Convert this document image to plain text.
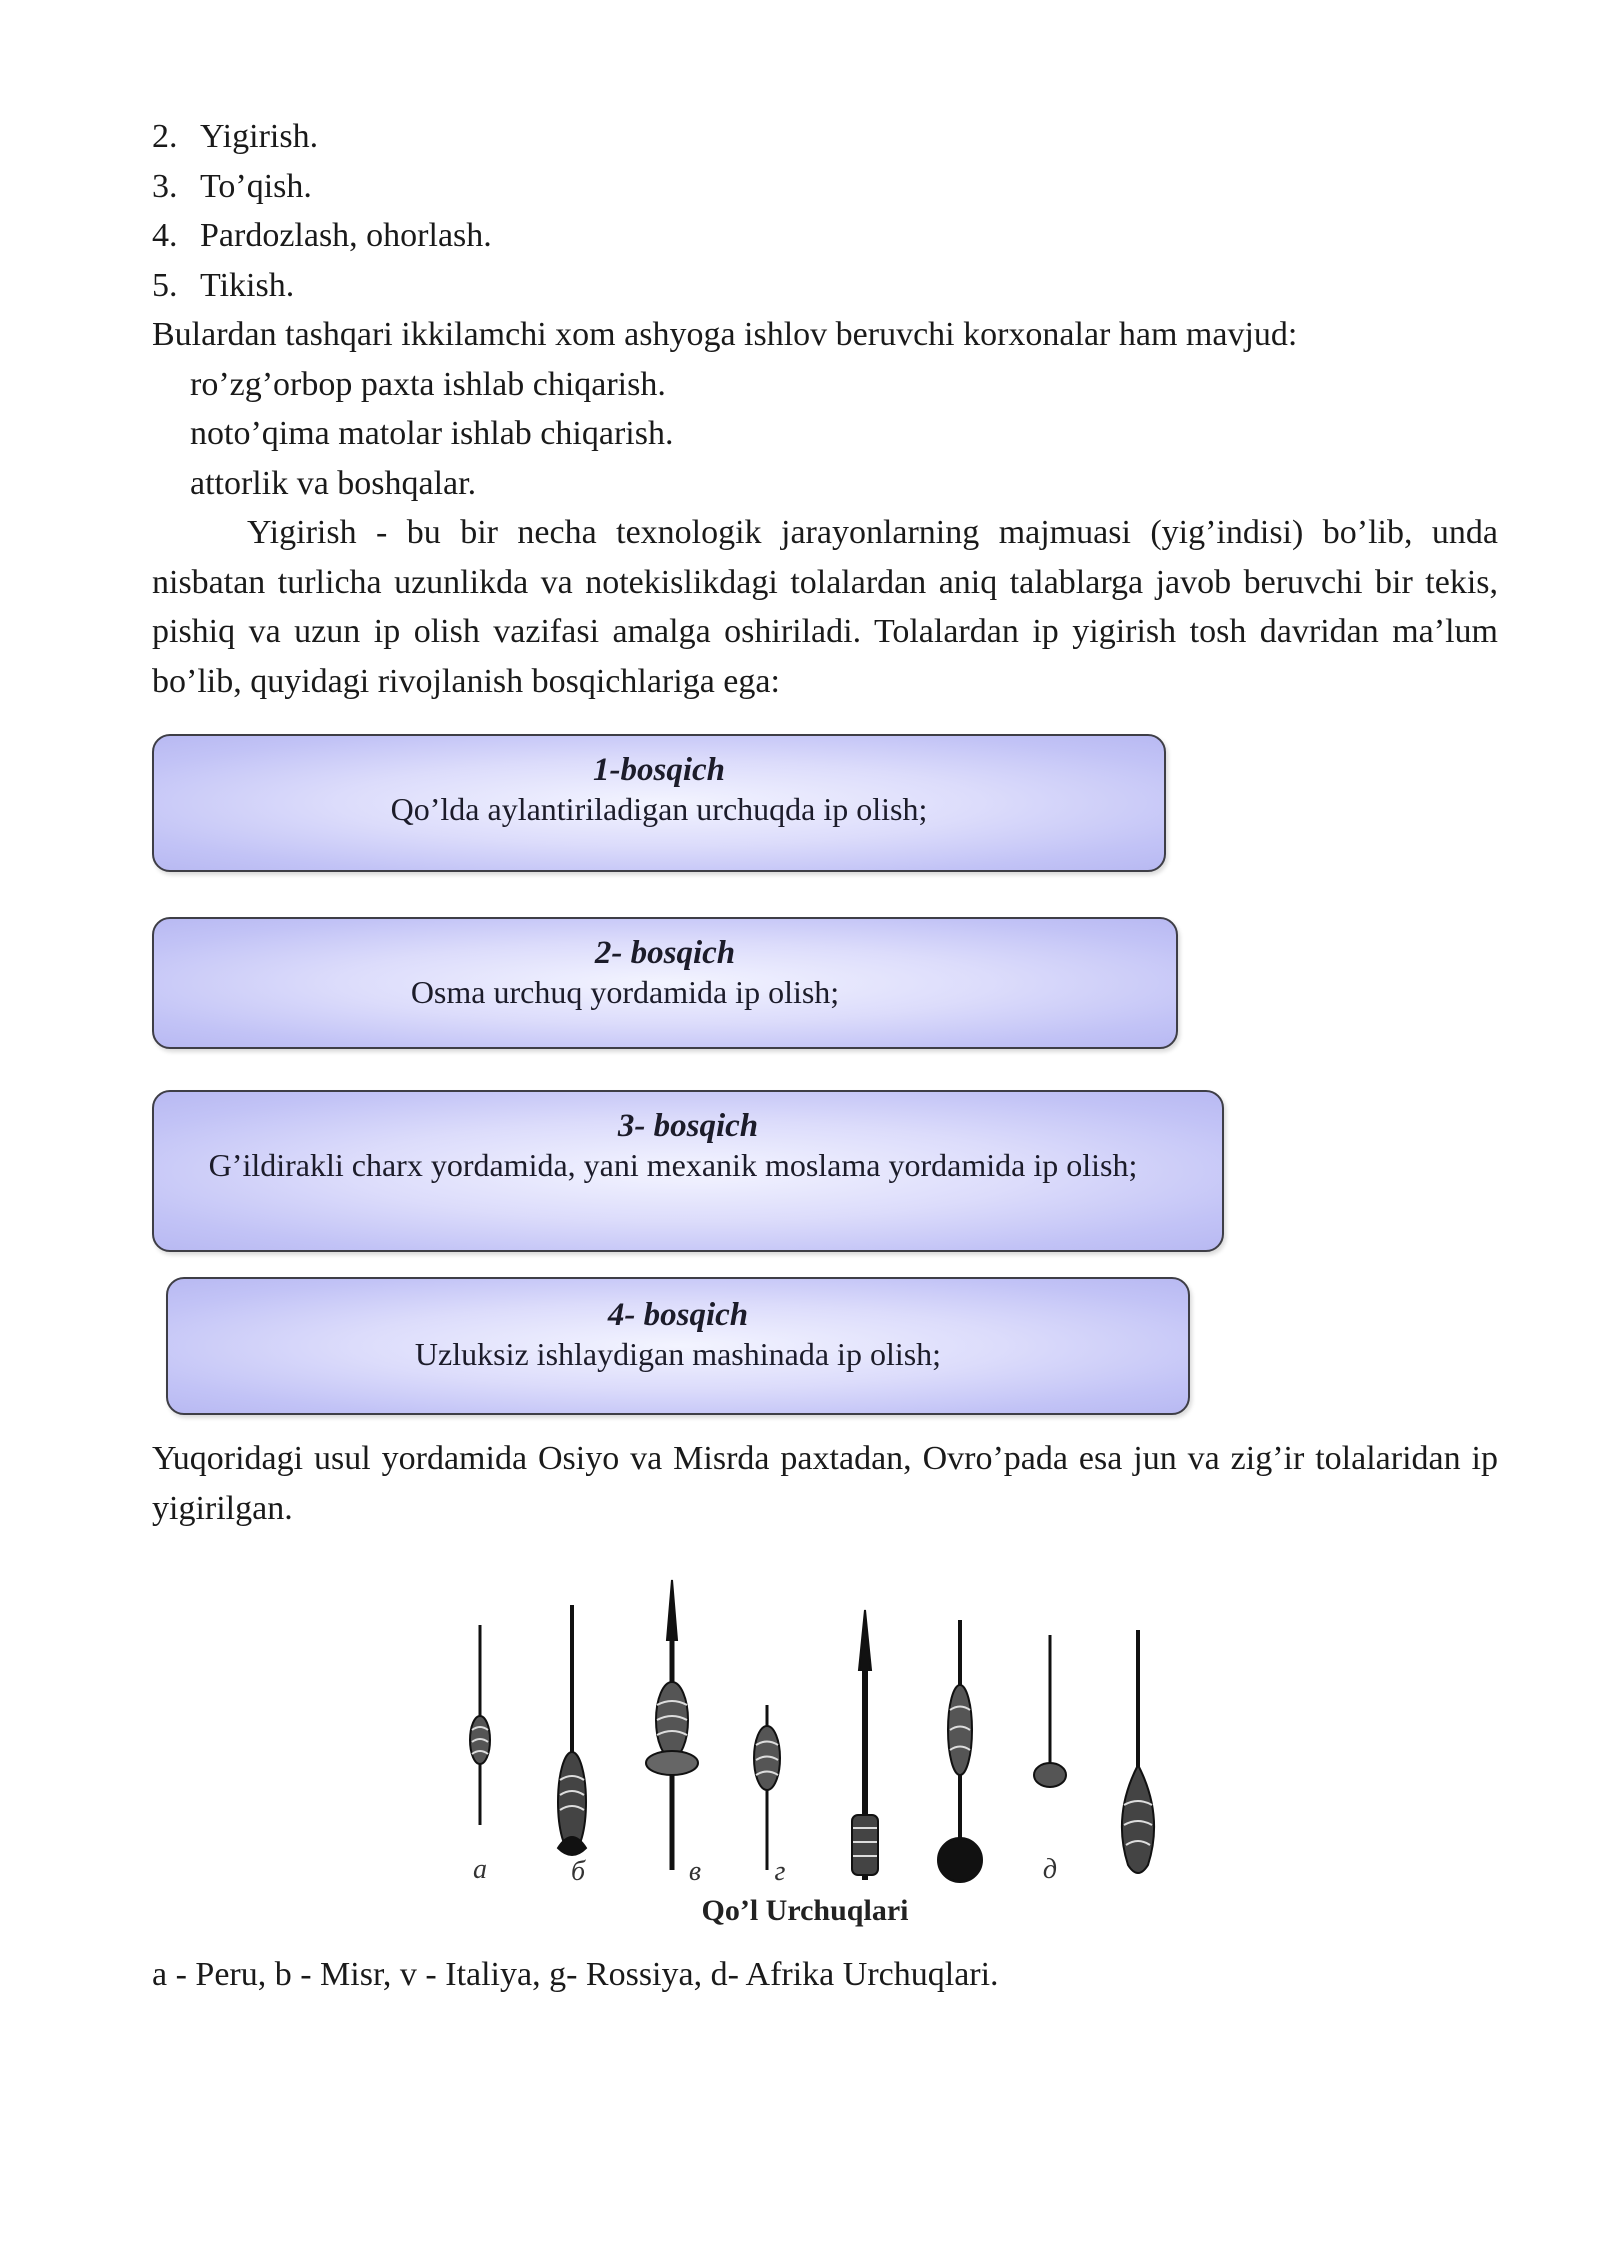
2. Yigirish.

3. To’qish.

4. Pardozlash, ohorlash.

5. Tikish.

Bulardan tashqari ikkilamchi xom ashyoga ishlov beruvchi korxonalar ham mavjud:

ro’zg’orbop paxta ishlab chiqarish.

noto’qima matolar ishlab chiqarish.

attorlik va boshqalar.

Yigirish - bu bir necha texnologik jarayonlarning majmuasi (yig’indisi) bo’lib, unda nisbatan turlicha uzunlikda va notekislikdagi tolalardan aniq talablarga javob beruvchi bir tekis, pishiq va uzun ip olish vazifasi amalga oshiriladi. Tolalardan ip yigirish tosh davridan ma’lum bo’lib, quyidagi rivojlanish bosqichlariga ega:

1-bosqich
Qo’lda aylantiriladigan urchuqda ip olish;
2- bosqich
Osma urchuq yordamida ip olish;
3- bosqich
G’ildirakli charx yordamida, yani mexanik moslama yordamida ip olish;
4- bosqich
Uzluksiz ishlaydigan mashinada ip olish;

Yuqoridagi usul yordamida Osiyo va Misrda paxtadan, Ovro’pada esa jun va zig’ir tolalaridan ip yigirilgan.

а	б	в	г	д
Qo’l Urchuqlari

a - Peru, b - Misr, v - Italiya, g- Rossiya, d- Afrika Urchuqlari.
